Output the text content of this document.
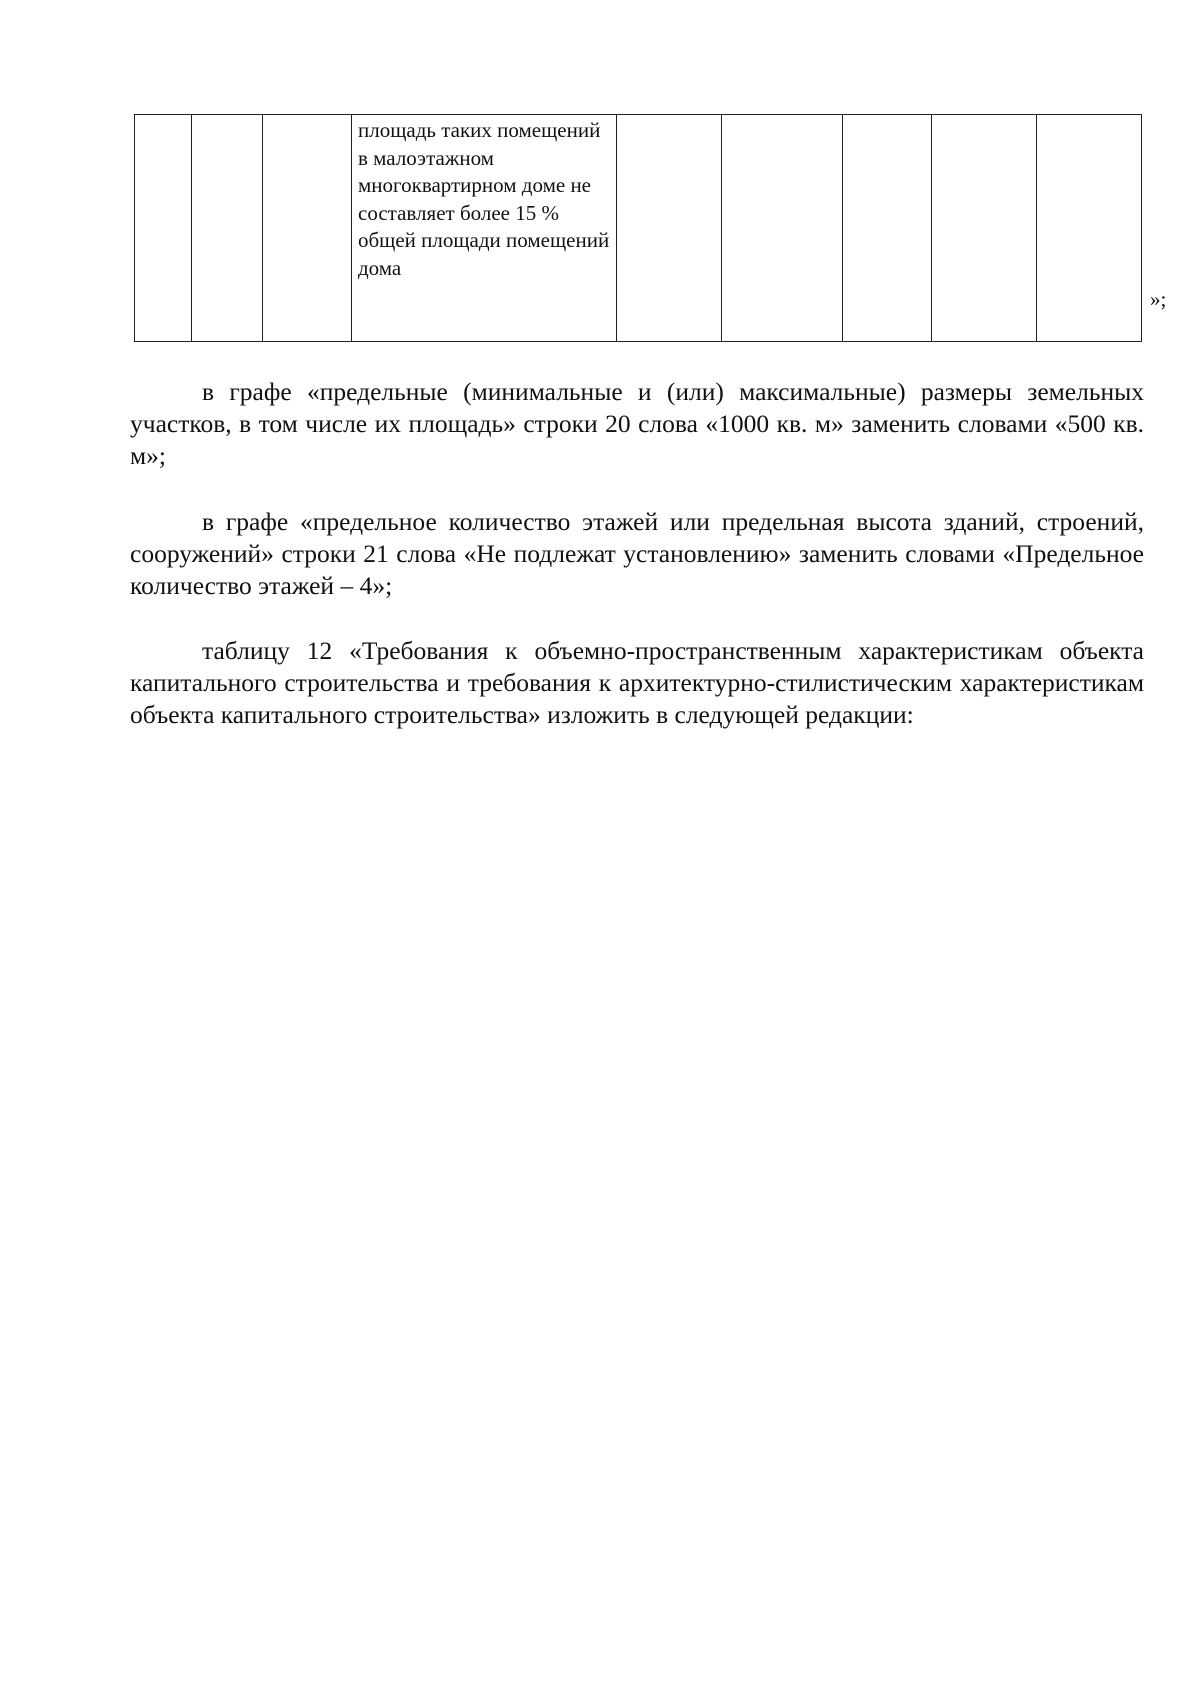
			площадь таких помещений в малоэтажном многоквартирном доме не составляет более 15 % общей площади помещений дома					
»;

в графе «предельные (минимальные и (или) максимальные) размеры земельных участков, в том числе их площадь» строки 20 слова «1000 кв. м» заменить словами «500 кв. м»;

в графе «предельное количество этажей или предельная высота зданий, строений, сооружений» строки 21 слова «Не подлежат установлению» заменить словами «Предельное количество этажей – 4»;

таблицу 12 «Требования к объемно-пространственным характеристикам объекта капитального строительства и требования к архитектурно-стилистическим характеристикам объекта капитального строительства» изложить в следующей редакции:
